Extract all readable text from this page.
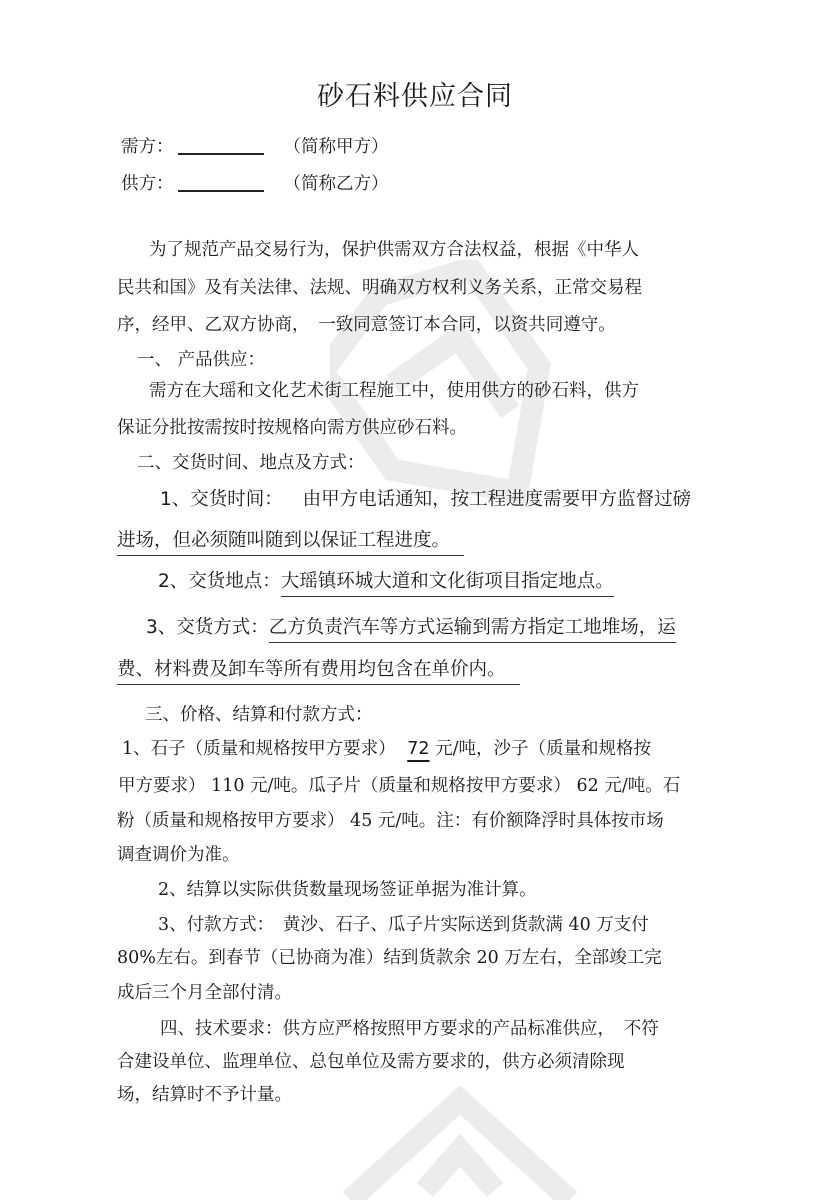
砂石料供应合同
需方：	（简称甲方）
供方：	（简称乙方）
为了规范产品交易行为，保护供需双方合法权益，根据《中华人
民共和国》及有关法律、法规、明确双方权利义务关系，正常交易程
序，经甲、乙双方协商，　一致同意签订本合同，以资共同遵守。
一、 产品供应：
需方在大瑶和文化艺术街工程施工中，使用供方的砂石料，供方
保证分批按需按时按规格向需方供应砂石料。
二、交货时间、地点及方式：
1、交货时间： 由甲方电话通知，按工程进度需要甲方监督过磅
进场，但必须随叫随到以保证工程进度。
2、交货地点：大瑶镇环城大道和文化街项目指定地点。
3、交货方式：乙方负责汽车等方式运输到需方指定工地堆场，运
费、材料费及卸车等所有费用均包含在单价内。
三、价格、结算和付款方式：
1、石子（质量和规格按甲方要求） 72 元/吨，沙子（质量和规格按
甲方要求） 110 元/吨。瓜子片（质量和规格按甲方要求） 62 元/吨。石
粉（质量和规格按甲方要求） 45 元/吨。注：有价额降浮时具体按市场
调查调价为准。
2、结算以实际供货数量现场签证单据为准计算。
3、付款方式：　黄沙、石子、瓜子片实际送到货款满 40 万支付
80%左右。到春节（已协商为准）结到货款余 20 万左右，全部竣工完
成后三个月全部付清。
四、技术要求：供方应严格按照甲方要求的产品标准供应，　不符
合建设单位、监理单位、总包单位及需方要求的，供方必须清除现
场，结算时不予计量。
